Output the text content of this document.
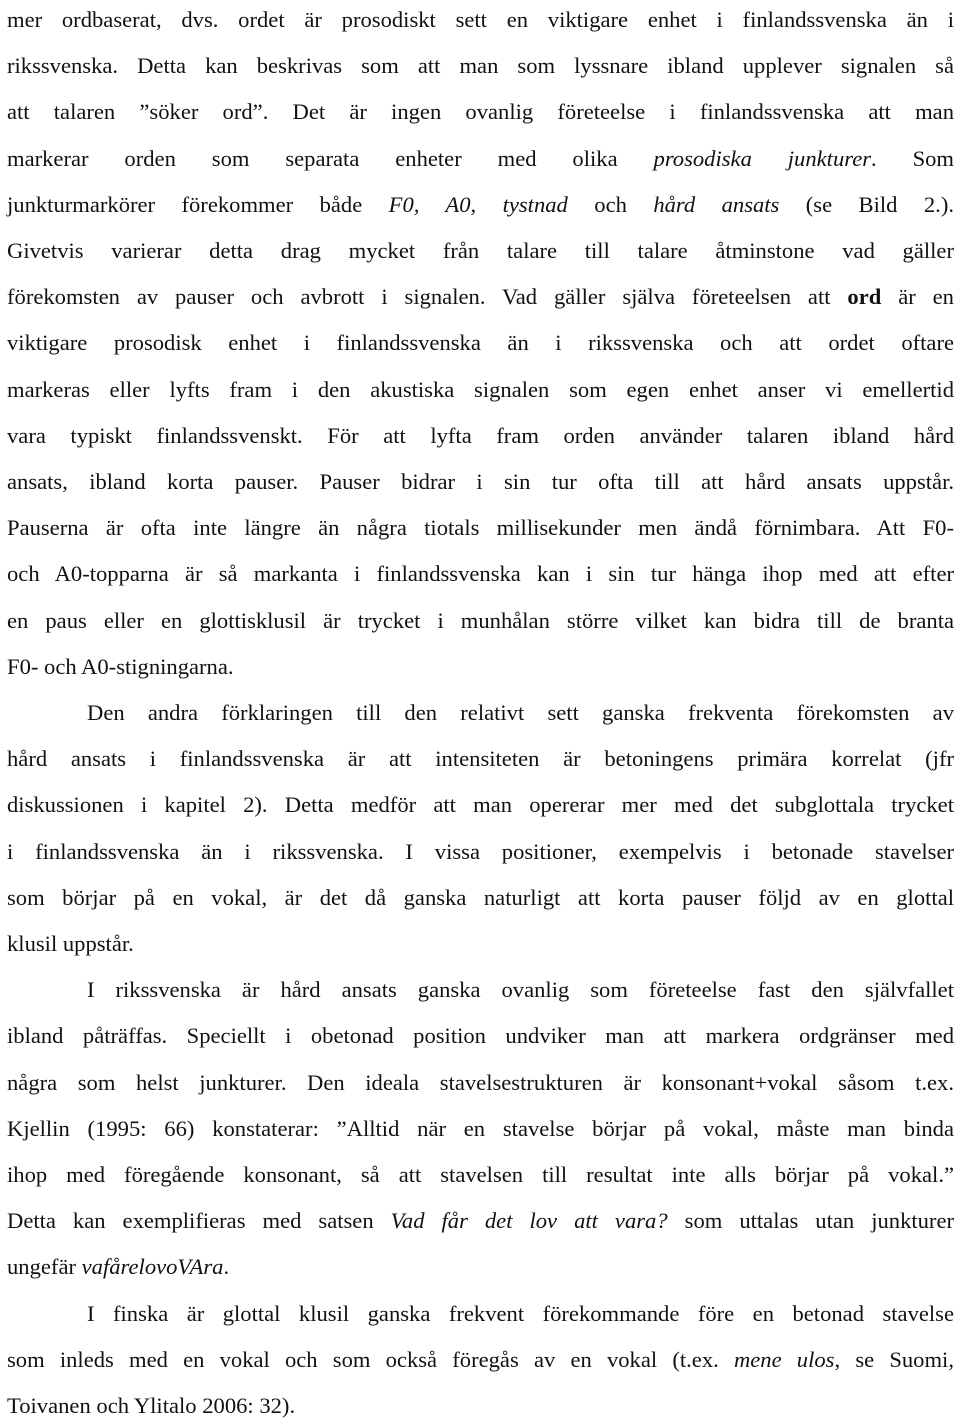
mer ordbaserat, dvs. ordet är prosodiskt sett en viktigare enhet i finlandssvenska än i
rikssvenska. Detta kan beskrivas som att man som lyssnare ibland upplever signalen så
att talaren ”söker ord”. Det är ingen ovanlig företeelse i finlandssvenska att man
markerar orden som separata enheter med olika prosodiska junkturer. Som
junkturmarkörer förekommer både F0, A0, tystnad och hård ansats (se Bild 2.).
Givetvis varierar detta drag mycket från talare till talare åtminstone vad gäller
förekomsten av pauser och avbrott i signalen. Vad gäller själva företeelsen att ord är en
viktigare prosodisk enhet i finlandssvenska än i rikssvenska och att ordet oftare
markeras eller lyfts fram i den akustiska signalen som egen enhet anser vi emellertid
vara typiskt finlandssvenskt. För att lyfta fram orden använder talaren ibland hård
ansats, ibland korta pauser. Pauser bidrar i sin tur ofta till att hård ansats uppstår.
Pauserna är ofta inte längre än några tiotals millisekunder men ändå förnimbara. Att F0-
och A0-topparna är så markanta i finlandssvenska kan i sin tur hänga ihop med att efter
en paus eller en glottisklusil är trycket i munhålan större vilket kan bidra till de branta
F0- och A0-stigningarna.
Den andra förklaringen till den relativt sett ganska frekventa förekomsten av
hård ansats i finlandssvenska är att intensiteten är betoningens primära korrelat (jfr
diskussionen i kapitel 2). Detta medför att man opererar mer med det subglottala trycket
i finlandssvenska än i rikssvenska. I vissa positioner, exempelvis i betonade stavelser
som börjar på en vokal, är det då ganska naturligt att korta pauser följd av en glottal
klusil uppstår.
I rikssvenska är hård ansats ganska ovanlig som företeelse fast den självfallet
ibland påträffas. Speciellt i obetonad position undviker man att markera ordgränser med
några som helst junkturer. Den ideala stavelsestrukturen är konsonant+vokal såsom t.ex.
Kjellin (1995: 66) konstaterar: ”Alltid när en stavelse börjar på vokal, måste man binda
ihop med föregående konsonant, så att stavelsen till resultat inte alls börjar på vokal.”
Detta kan exemplifieras med satsen Vad får det lov att vara? som uttalas utan junkturer
ungefär vafårelovoVAra.
I finska är glottal klusil ganska frekvent förekommande före en betonad stavelse
som inleds med en vokal och som också föregås av en vokal (t.ex. mene ulos, se Suomi,
Toivanen och Ylitalo 2006: 32).
